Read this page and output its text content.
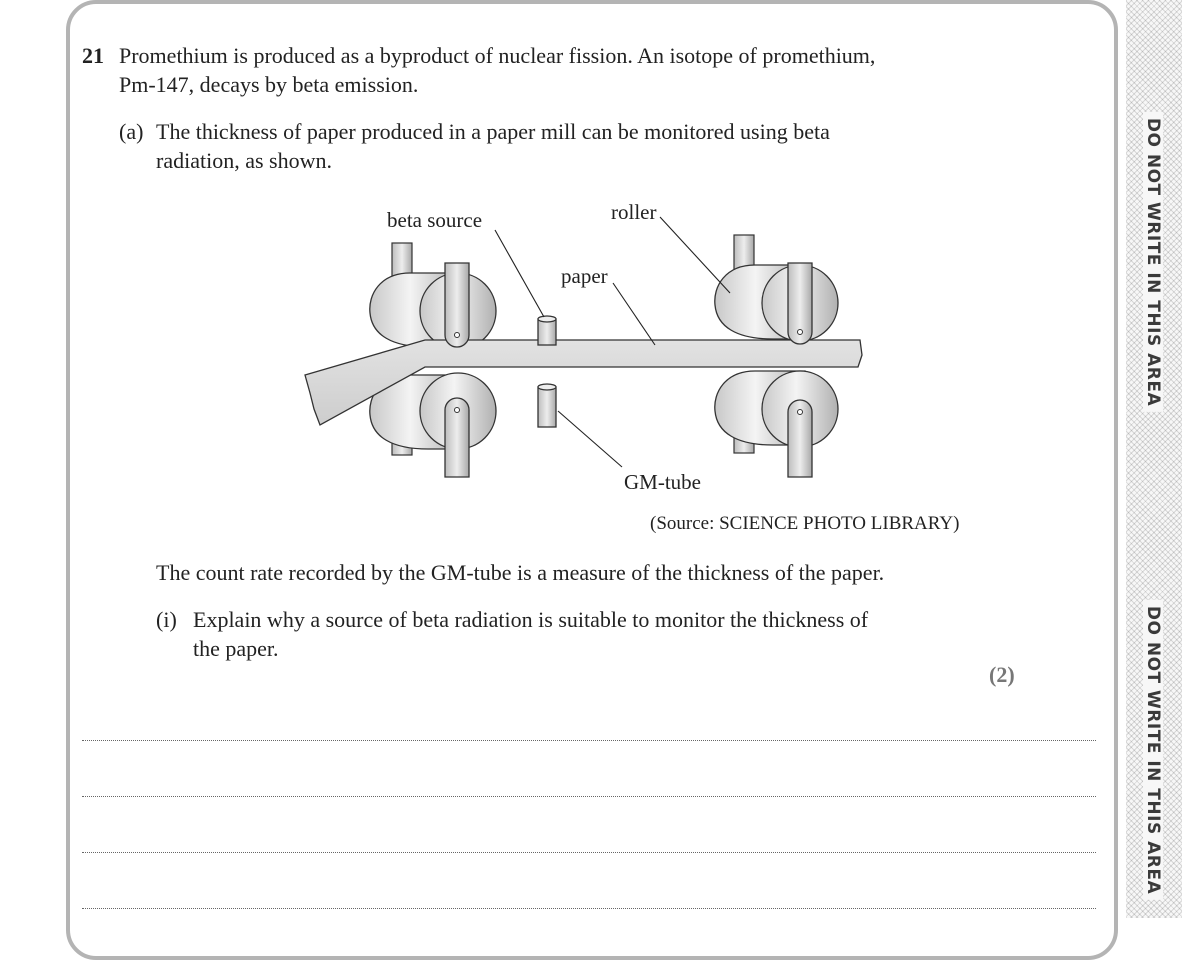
DO NOT WRITE IN THIS AREA
DO NOT WRITE IN THIS AREA
21 Promethium is produced as a byproduct of nuclear fission. An isotope of promethium,
Pm-147, decays by beta emission.
(a) The thickness of paper produced in a paper mill can be monitored using beta
radiation, as shown.
beta source	roller
paper
GM-tube
(Source: SCIENCE PHOTO LIBRARY)
The count rate recorded by the GM-tube is a measure of the thickness of the paper.
(i) Explain why a source of beta radiation is suitable to monitor the thickness of
the paper.
(2)
